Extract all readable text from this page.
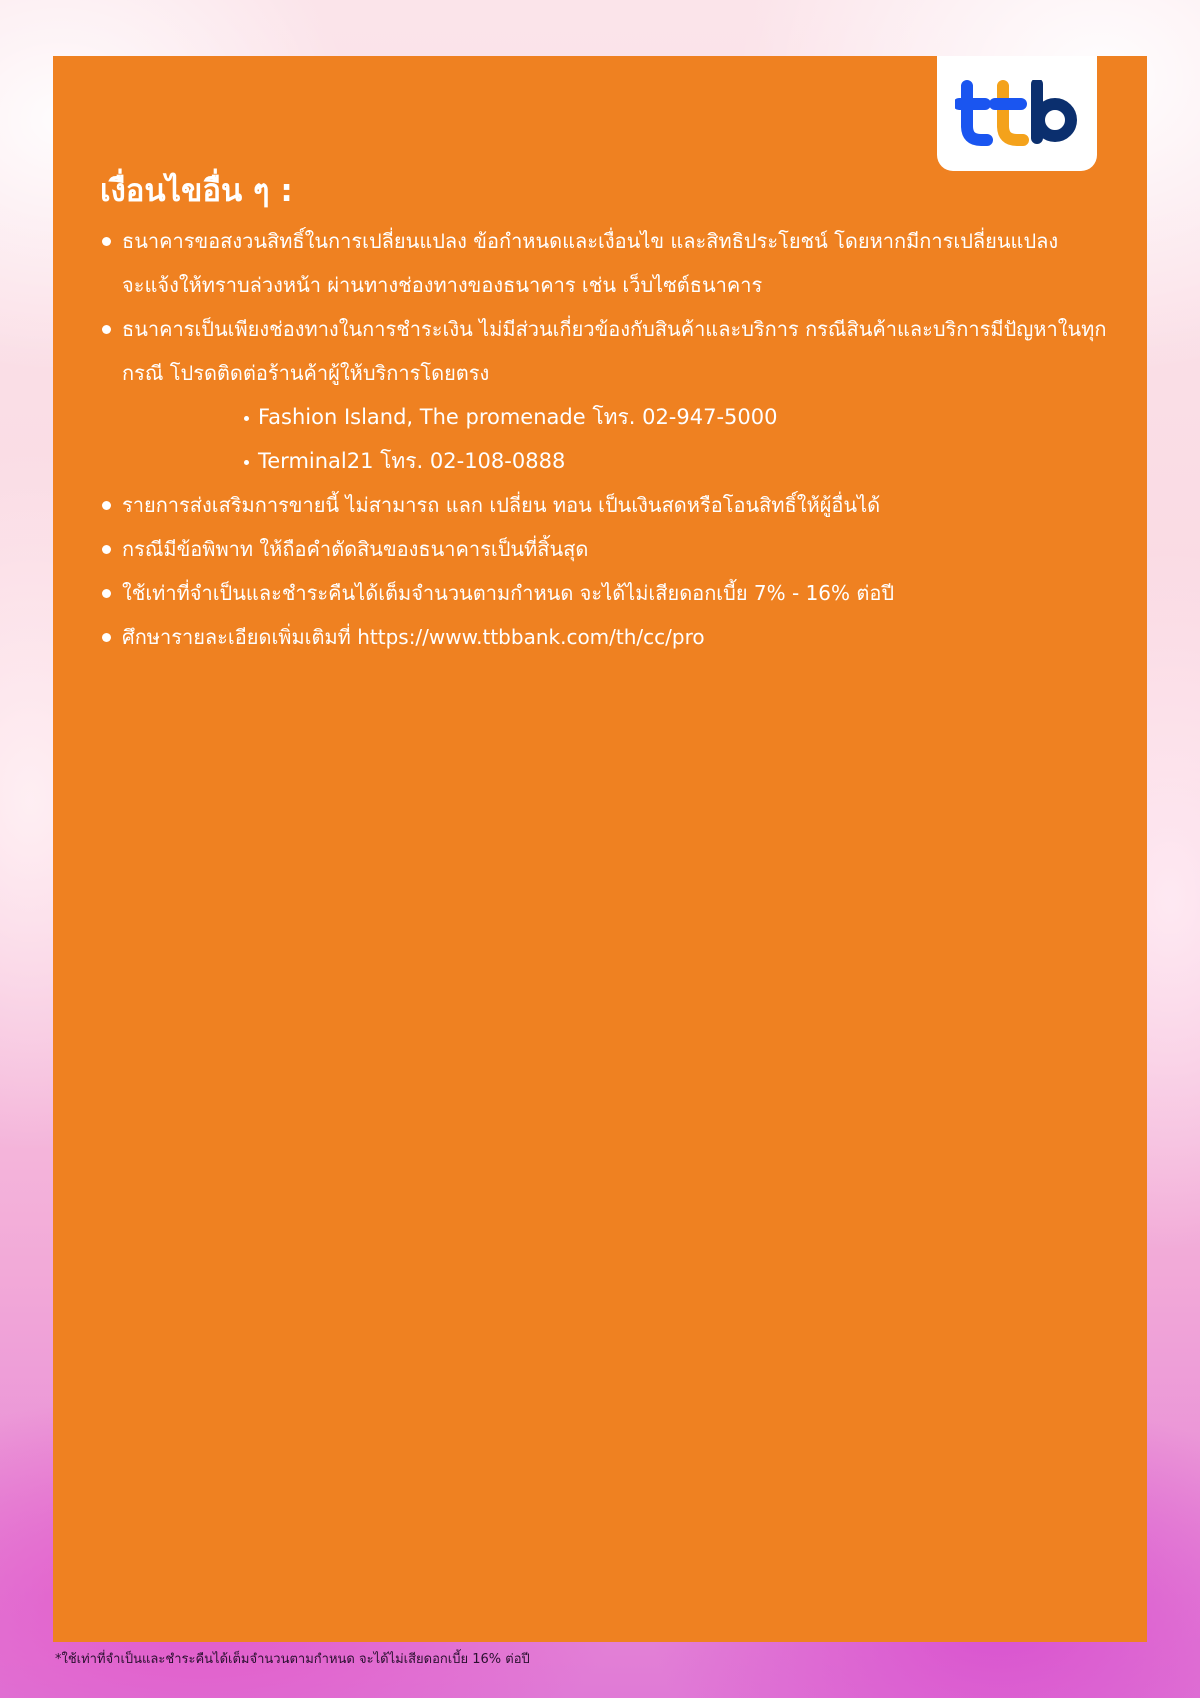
เงื่อนไขอื่น ๆ :
ธนาคารขอสงวนสิทธิ์ในการเปลี่ยนแปลง ข้อกำหนดและเงื่อนไข และสิทธิประโยชน์ โดยหากมีการเปลี่ยนแปลง จะแจ้งให้ทราบล่วงหน้า ผ่านทางช่องทางของธนาคาร เช่น เว็บไซต์ธนาคาร
ธนาคารเป็นเพียงช่องทางในการชำระเงิน ไม่มีส่วนเกี่ยวข้องกับสินค้าและบริการ กรณีสินค้าและบริการมีปัญหาในทุกกรณี โปรดติดต่อร้านค้าผู้ให้บริการโดยตรง
Fashion Island, The promenade โทร. 02-947-5000
Terminal21 โทร. 02-108-0888
รายการส่งเสริมการขายนี้ ไม่สามารถ แลก เปลี่ยน ทอน เป็นเงินสดหรือโอนสิทธิ์ให้ผู้อื่นได้
กรณีมีข้อพิพาท ให้ถือคำตัดสินของธนาคารเป็นที่สิ้นสุด
ใช้เท่าที่จำเป็นและชำระคืนได้เต็มจำนวนตามกำหนด จะได้ไม่เสียดอกเบี้ย 7% - 16% ต่อปี
ศึกษารายละเอียดเพิ่มเติมที่ https://www.ttbbank.com/th/cc/pro
*ใช้เท่าที่จำเป็นและชำระคืนได้เต็มจำนวนตามกำหนด จะได้ไม่เสียดอกเบี้ย 16% ต่อปี
